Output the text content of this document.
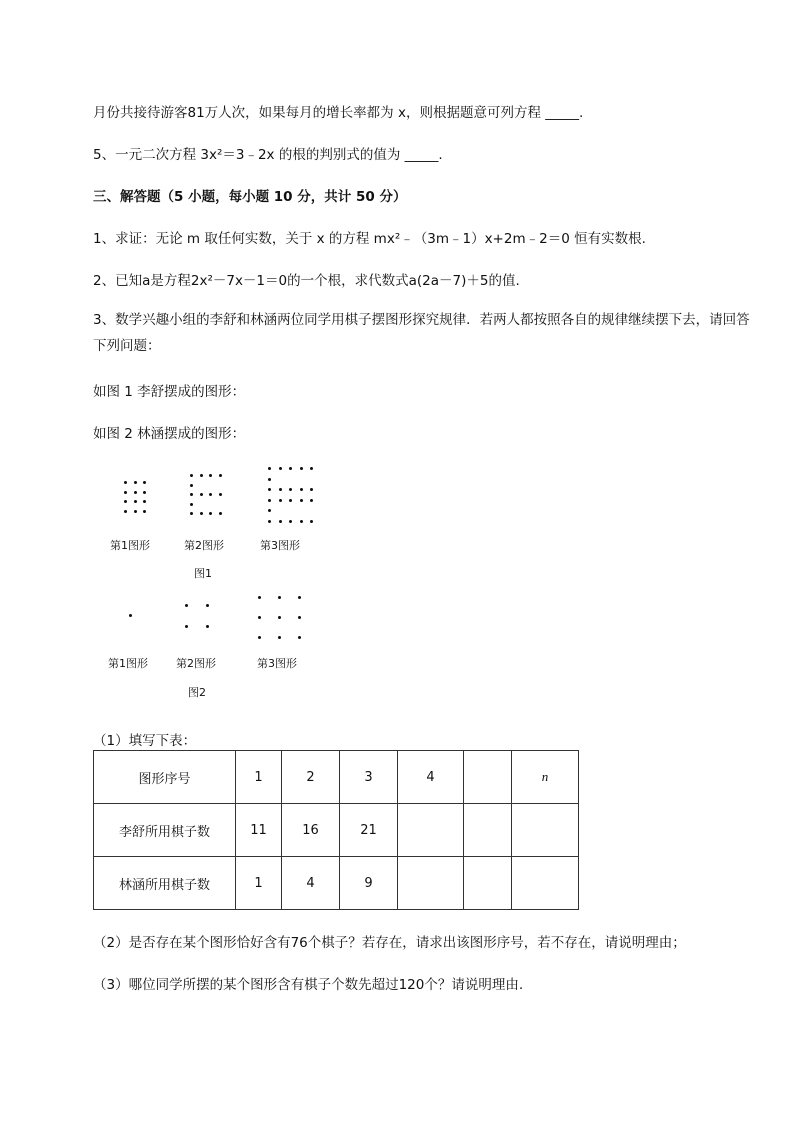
月份共接待游客81万人次，如果每月的增长率都为 x，则根据题意可列方程 _____.
5、一元二次方程 3x²＝3﹣2x 的根的判别式的值为 _____.
三、解答题（5 小题，每小题 10 分，共计 50 分）
1、求证：无论 m 取任何实数，关于 x 的方程 mx²﹣（3m﹣1）x+2m﹣2＝0 恒有实数根.
2、已知a是方程2x²－7x－1＝0的一个根，求代数式a(2a－7)＋5的值.
3、数学兴趣小组的李舒和林涵两位同学用棋子摆图形探究规律．若两人都按照各自的规律继续摆下去，请回答下列问题：
如图 1 李舒摆成的图形：
如图 2 林涵摆成的图形：
第1图形	第2图形	第3图形
图1
第1图形	第2图形	第3图形
图2
（1）填写下表：
图形序号	1	2	3	4		n
李舒所用棋子数	11	16	21			
林涵所用棋子数	1	4	9			
（2）是否存在某个图形恰好含有76个棋子？若存在，请求出该图形序号，若不存在，请说明理由；
（3）哪位同学所摆的某个图形含有棋子个数先超过120个？请说明理由.
